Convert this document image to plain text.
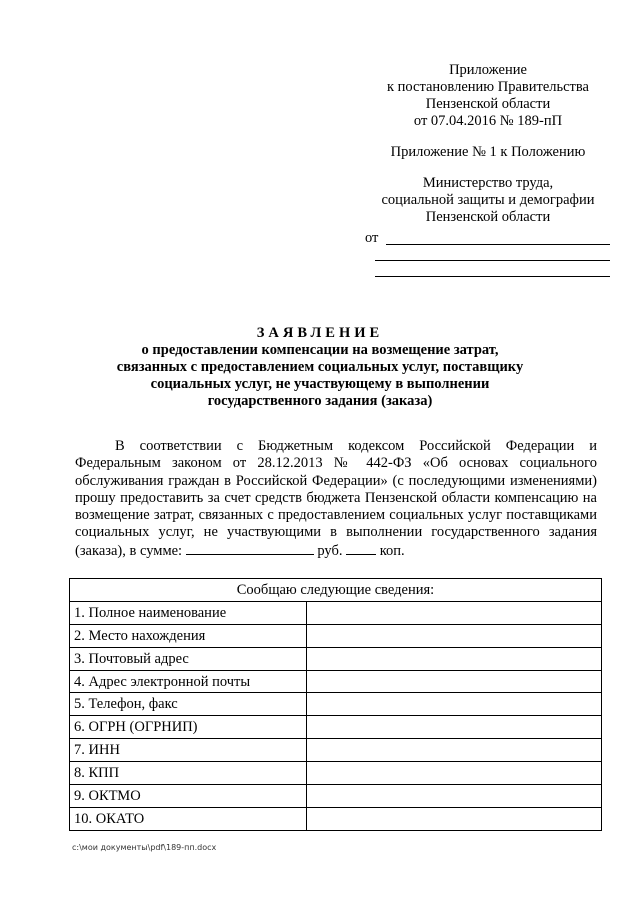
Приложение
к постановлению Правительства
Пензенской области
от 07.04.2016 № 189-пП
Приложение № 1 к Положению
Министерство труда,
социальной защиты и демографии
Пензенской области
от
ЗАЯВЛЕНИЕ
о предоставлении компенсации на возмещение затрат,
связанных с предоставлением социальных услуг, поставщику
социальных услуг, не участвующему в выполнении
государственного задания (заказа)
В соответствии с Бюджетным кодексом Российской Федерации и Федеральным законом от 28.12.2013 № 442-ФЗ «Об основах социального обслуживания граждан в Российской Федерации» (с последующими изменениями) прошу предоставить за счет средств бюджета Пензенской области компенсацию на возмещение затрат, связанных с предоставлением социальных услуг поставщиками социальных услуг, не участвующими в выполнении государственного задания (заказа), в сумме:	руб.	коп.
Сообщаю следующие сведения:	
1. Полное наименование	
2. Место нахождения	
3. Почтовый адрес	
4. Адрес электронной почты	
5. Телефон, факс	
6. ОГРН (ОГРНИП)	
7. ИНН	
8. КПП	
9. ОКТМО	
10. ОКАТО	
c:\мои документы\pdf\189-пп.docx
